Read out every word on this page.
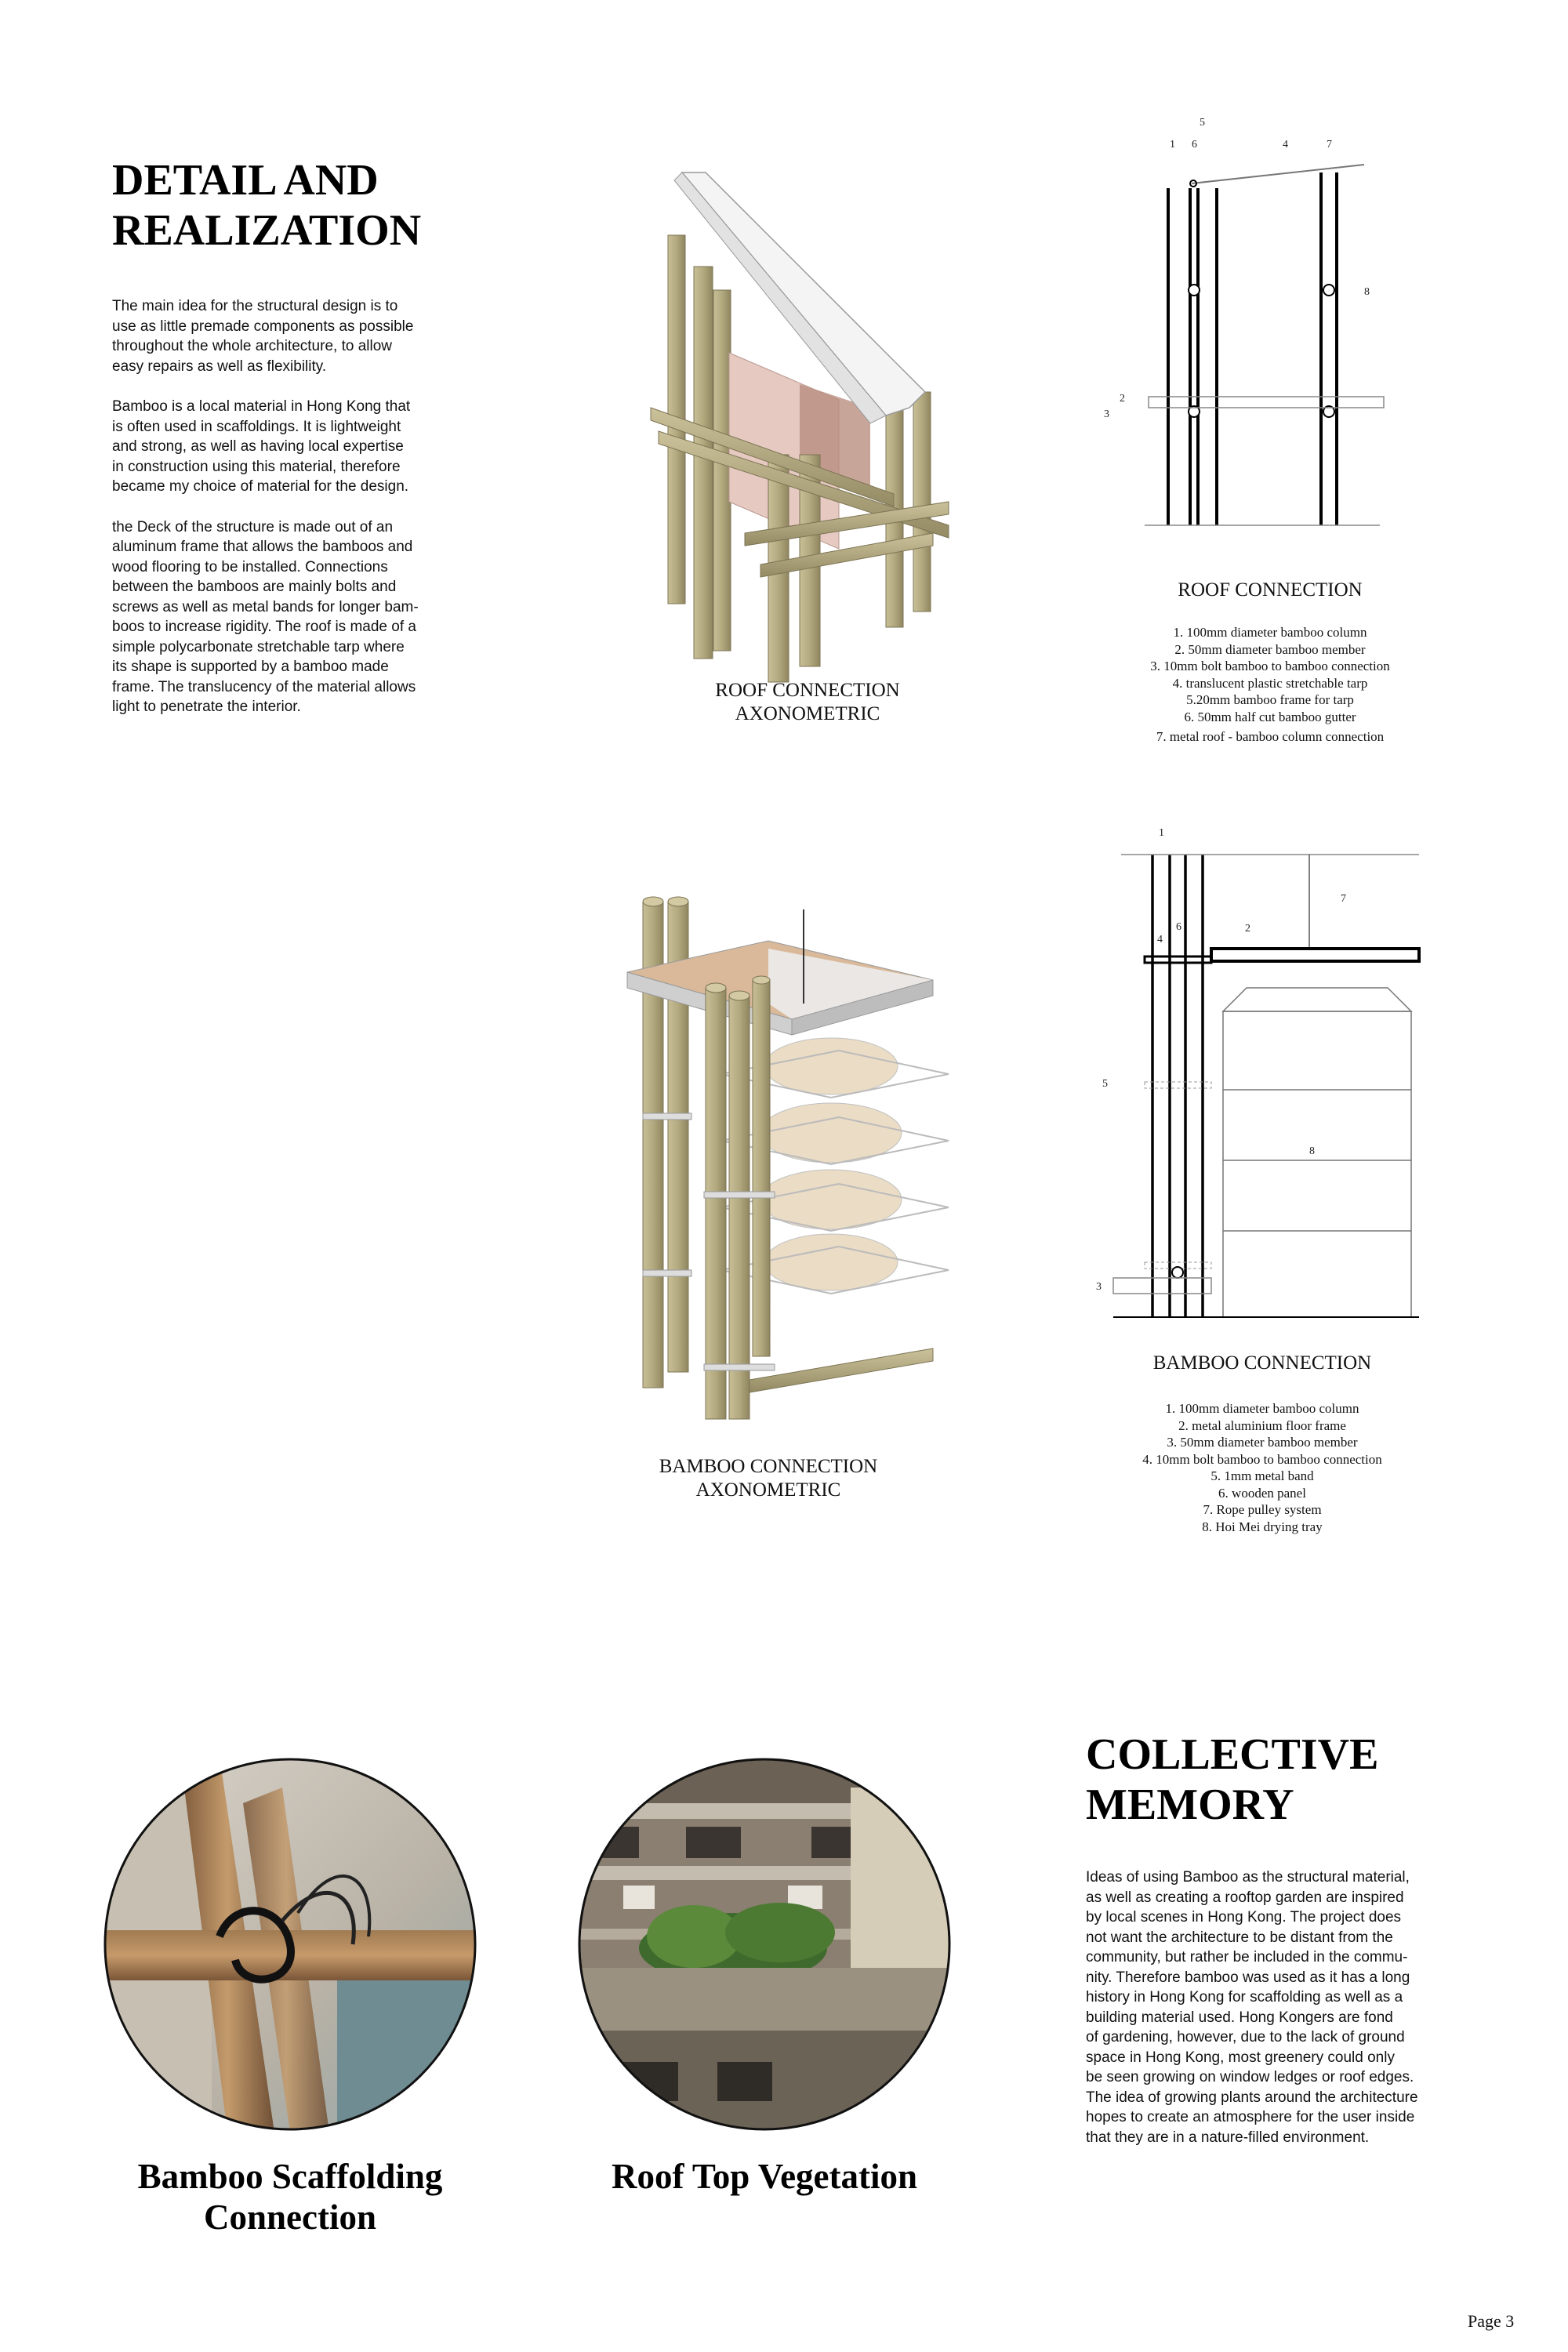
DETAIL AND
REALIZATION

The main idea for the structural design is to
use as little premade components as possible
throughout the whole architecture, to allow
easy repairs as well as flexibility.

Bamboo is a local material in Hong Kong that
is often used in scaffoldings. It is lightweight
and strong, as well as having local expertise
in construction using this material, therefore
became my choice of material for the design.

the Deck of the structure is made out of an
aluminum frame that allows the bamboos and
wood flooring to be installed. Connections
between the bamboos are mainly bolts and
screws as well as metal bands for longer bam-
boos to increase rigidity. The roof is made of a
simple polycarbonate stretchable tarp where
its shape is supported by a bamboo made
frame. The translucency of the material allows
light to penetrate the interior.

ROOF CONNECTION
AXONOMETRIC
1
2
3
4
5
6	7
8
ROOF CONNECTION
1. 100mm diameter bamboo column
2. 50mm diameter bamboo member
3. 10mm bolt bamboo to bamboo connection
4. translucent plastic stretchable tarp
5.20mm bamboo frame for tarp
6. 50mm half cut bamboo gutter
7. metal roof - bamboo column connection
BAMBOO CONNECTION
AXONOMETRIC
1
2
3
4
5
6
7
8
BAMBOO CONNECTION
1. 100mm diameter bamboo column
2. metal aluminium floor frame
3. 50mm diameter bamboo member
4. 10mm bolt bamboo to bamboo connection
5. 1mm metal band
6. wooden panel
7. Rope pulley system
8. Hoi Mei drying tray
Bamboo Scaffolding
Connection
Roof Top Vegetation
COLLECTIVE
MEMORY

Ideas of using Bamboo as the structural material,
as well as creating a rooftop garden are inspired
by local scenes in Hong Kong. The project does
not want the architecture to be distant from the
community, but rather be included in the commu-
nity. Therefore bamboo was used as it has a long
history in Hong Kong for scaffolding as well as a
building material used. Hong Kongers are fond
of gardening, however, due to the lack of ground
space in Hong Kong, most greenery could only
be seen growing on window ledges or roof edges.
The idea of growing plants around the architecture
hopes to create an atmosphere for the user inside
that they are in a nature-filled environment.

Page 3
